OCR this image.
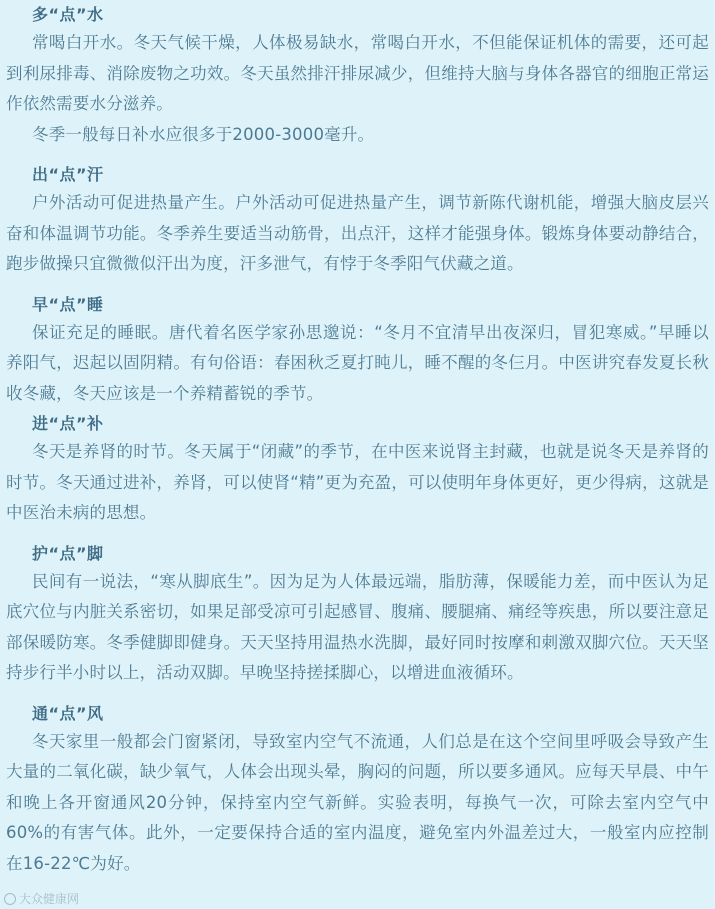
多“点”水

常喝白开水。冬天气候干燥，人体极易缺水，常喝白开水，不但能保证机体的需要，还可起到利尿排毒、消除废物之功效。冬天虽然排汗排尿减少，但维持大脑与身体各器官的细胞正常运作依然需要水分滋养。

冬季一般每日补水应很多于2000-3000毫升。

出“点”汗

户外活动可促进热量产生。户外活动可促进热量产生，调节新陈代谢机能，增强大脑皮层兴奋和体温调节功能。冬季养生要适当动筋骨，出点汗，这样才能强身体。锻炼身体要动静结合，跑步做操只宜微微似汗出为度，汗多泄气，有悖于冬季阳气伏藏之道。

早“点”睡

保证充足的睡眠。唐代着名医学家孙思邈说：“冬月不宜清早出夜深归，冒犯寒威。”早睡以养阳气，迟起以固阴精。有句俗语：春困秋乏夏打盹儿，睡不醒的冬仨月。中医讲究春发夏长秋收冬藏，冬天应该是一个养精蓄锐的季节。

进“点”补

冬天是养肾的时节。冬天属于“闭藏”的季节，在中医来说肾主封藏，也就是说冬天是养肾的时节。冬天通过进补，养肾，可以使肾“精”更为充盈，可以使明年身体更好，更少得病，这就是中医治未病的思想。

护“点”脚

民间有一说法，“寒从脚底生”。因为足为人体最远端，脂肪薄，保暖能力差，而中医认为足底穴位与内脏关系密切，如果足部受凉可引起感冒、腹痛、腰腿痛、痛经等疾患，所以要注意足部保暖防寒。冬季健脚即健身。天天坚持用温热水洗脚，最好同时按摩和刺激双脚穴位。天天坚持步行半小时以上，活动双脚。早晚坚持搓揉脚心，以增进血液循环。

通“点”风

冬天家里一般都会门窗紧闭，导致室内空气不流通，人们总是在这个空间里呼吸会导致产生大量的二氧化碳，缺少氧气，人体会出现头晕，胸闷的问题，所以要多通风。应每天早晨、中午和晚上各开窗通风20分钟，保持室内空气新鲜。实验表明，每换气一次，可除去室内空气中60%的有害气体。此外，一定要保持合适的室内温度，避免室内外温差过大，一般室内应控制在16-22℃为好。

大众健康网
